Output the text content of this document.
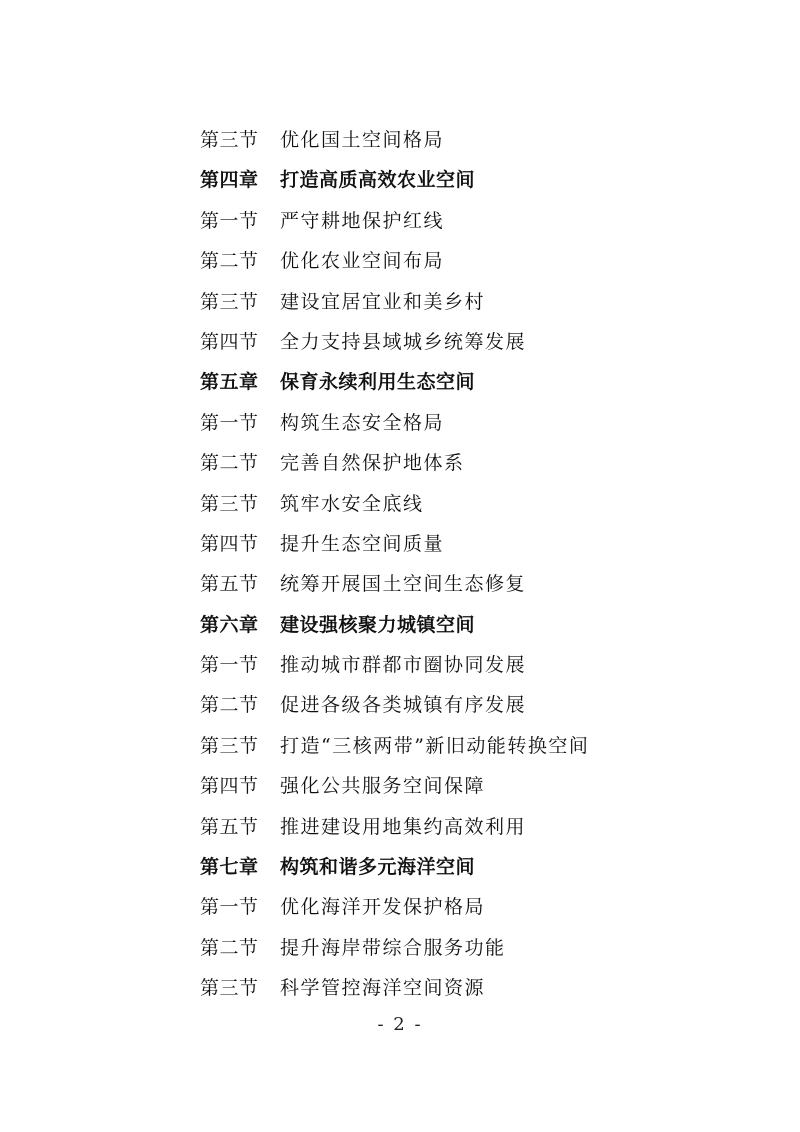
第三节 优化国土空间格局
第四章 打造高质高效农业空间
第一节 严守耕地保护红线
第二节 优化农业空间布局
第三节 建设宜居宜业和美乡村
第四节 全力支持县域城乡统筹发展
第五章 保育永续利用生态空间
第一节 构筑生态安全格局
第二节 完善自然保护地体系
第三节 筑牢水安全底线
第四节 提升生态空间质量
第五节 统筹开展国土空间生态修复
第六章 建设强核聚力城镇空间
第一节 推动城市群都市圈协同发展
第二节 促进各级各类城镇有序发展
第三节 打造“三核两带”新旧动能转换空间
第四节 强化公共服务空间保障
第五节 推进建设用地集约高效利用
第七章 构筑和谐多元海洋空间
第一节 优化海洋开发保护格局
第二节 提升海岸带综合服务功能
第三节 科学管控海洋空间资源
- 2 -
